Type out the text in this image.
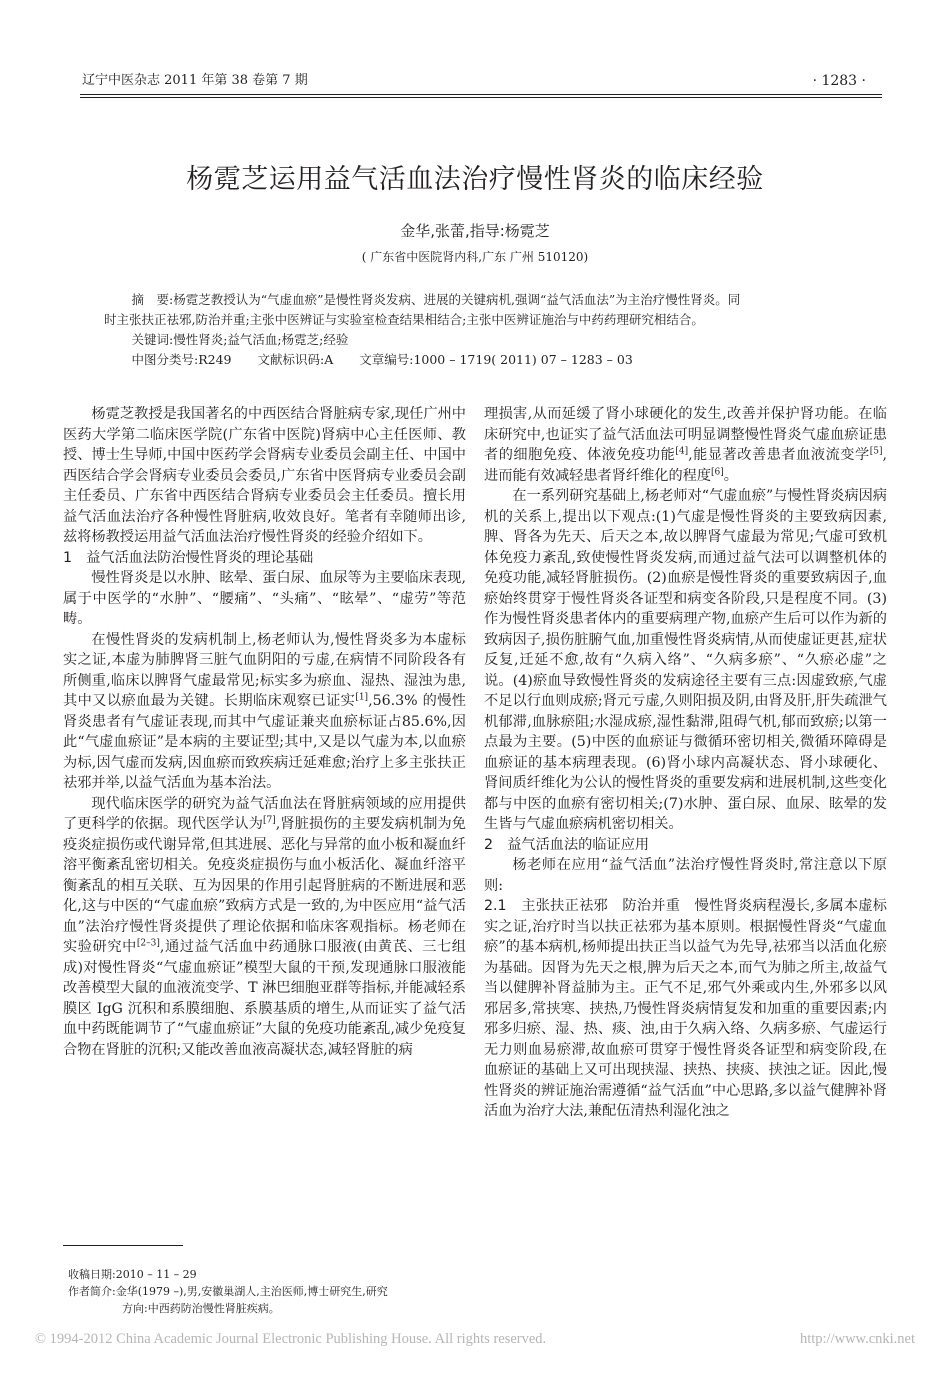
辽宁中医杂志 2011 年第 38 卷第 7 期	· 1283 ·
杨霓芝运用益气活血法治疗慢性肾炎的临床经验
金华,张蕾,指导:杨霓芝
( 广东省中医院肾内科,广东 广州 510120)

摘　要:杨霓芝教授认为“气虚血瘀”是慢性肾炎发病、进展的关键病机,强调“益气活血法”为主治疗慢性肾炎。同

时主张扶正祛邪,防治并重;主张中医辨证与实验室检查结果相结合;主张中医辨证施治与中药药理研究相结合。

关键词:慢性肾炎;益气活血;杨霓芝;经验

中图分类号:R249 文献标识码:A 文章编号:1000 – 1719( 2011) 07 – 1283 – 03

杨霓芝教授是我国著名的中西医结合肾脏病专家,现任广州中医药大学第二临床医学院(广东省中医院)肾病中心主任医师、教授、博士生导师,中国中医药学会肾病专业委员会副主任、中国中西医结合学会肾病专业委员会委员,广东省中医肾病专业委员会副主任委员、广东省中西医结合肾病专业委员会主任委员。擅长用益气活血法治疗各种慢性肾脏病,收效良好。笔者有幸随师出诊,兹将杨教授运用益气活血法治疗慢性肾炎的经验介绍如下。

1　益气活血法防治慢性肾炎的理论基础

慢性肾炎是以水肿、眩晕、蛋白尿、血尿等为主要临床表现,属于中医学的“水肿”、“腰痛”、“头痛”、“眩晕”、“虚劳”等范畴。

在慢性肾炎的发病机制上,杨老师认为,慢性肾炎多为本虚标实之证,本虚为肺脾肾三脏气血阴阳的亏虚,在病情不同阶段各有所侧重,临床以脾肾气虚最常见;标实多为瘀血、湿热、湿浊为患,其中又以瘀血最为关键。长期临床观察已证实[1],56.3% 的慢性肾炎患者有气虚证表现,而其中气虚证兼夹血瘀标证占85.6%,因此“气虚血瘀证”是本病的主要证型;其中,又是以气虚为本,以血瘀为标,因气虚而发病,因血瘀而致疾病迁延难愈;治疗上多主张扶正祛邪并举,以益气活血为基本治法。

现代临床医学的研究为益气活血法在肾脏病领域的应用提供了更科学的依据。现代医学认为[7],肾脏损伤的主要发病机制为免疫炎症损伤或代谢异常,但其进展、恶化与异常的血小板和凝血纤溶平衡紊乱密切相关。免疫炎症损伤与血小板活化、凝血纤溶平衡紊乱的相互关联、互为因果的作用引起肾脏病的不断进展和恶化,这与中医的“气虚血瘀”致病方式是一致的,为中医应用“益气活血”法治疗慢性肾炎提供了理论依据和临床客观指标。杨老师在实验研究中[2–3],通过益气活血中药通脉口服液(由黄芪、三七组成)对慢性肾炎“气虚血瘀证”模型大鼠的干预,发现通脉口服液能改善模型大鼠的血液流变学、T 淋巴细胞亚群等指标,并能减轻系膜区 IgG 沉积和系膜细胞、系膜基质的增生,从而证实了益气活血中药既能调节了“气虚血瘀证”大鼠的免疫功能紊乱,减少免疫复合物在肾脏的沉积;又能改善血液高凝状态,减轻肾脏的病

理损害,从而延缓了肾小球硬化的发生,改善并保护肾功能。在临床研究中,也证实了益气活血法可明显调整慢性肾炎气虚血瘀证患者的细胞免疫、体液免疫功能[4],能显著改善患者血液流变学[5],进而能有效减轻患者肾纤维化的程度[6]。

在一系列研究基础上,杨老师对“气虚血瘀”与慢性肾炎病因病机的关系上,提出以下观点:(1)气虚是慢性肾炎的主要致病因素,脾、肾各为先天、后天之本,故以脾肾气虚最为常见;气虚可致机体免疫力紊乱,致使慢性肾炎发病,而通过益气法可以调整机体的免疫功能,减轻肾脏损伤。(2)血瘀是慢性肾炎的重要致病因子,血瘀始终贯穿于慢性肾炎各证型和病变各阶段,只是程度不同。(3)作为慢性肾炎患者体内的重要病理产物,血瘀产生后可以作为新的致病因子,损伤脏腑气血,加重慢性肾炎病情,从而使虚证更甚,症状反复,迁延不愈,故有“久病入络”、“久病多瘀”、“久瘀必虚”之说。(4)瘀血导致慢性肾炎的发病途径主要有三点:因虚致瘀,气虚不足以行血则成瘀;肾元亏虚,久则阳损及阴,由肾及肝,肝失疏泄气机郁滞,血脉瘀阻;水湿成瘀,湿性黏滞,阻碍气机,郁而致瘀;以第一点最为主要。(5)中医的血瘀证与微循环密切相关,微循环障碍是血瘀证的基本病理表现。(6)肾小球内高凝状态、肾小球硬化、肾间质纤维化为公认的慢性肾炎的重要发病和进展机制,这些变化都与中医的血瘀有密切相关;(7)水肿、蛋白尿、血尿、眩晕的发生皆与气虚血瘀病机密切相关。

2　益气活血法的临证应用

杨老师在应用“益气活血”法治疗慢性肾炎时,常注意以下原则:

2.1　主张扶正祛邪　防治并重　慢性肾炎病程漫长,多属本虚标实之证,治疗时当以扶正祛邪为基本原则。根据慢性肾炎“气虚血瘀”的基本病机,杨师提出扶正当以益气为先导,祛邪当以活血化瘀为基础。因肾为先天之根,脾为后天之本,而气为肺之所主,故益气当以健脾补肾益肺为主。正气不足,邪气外乘或内生,外邪多以风邪居多,常挟寒、挟热,乃慢性肾炎病情复发和加重的重要因素;内邪多归瘀、湿、热、痰、浊,由于久病入络、久病多瘀、气虚运行无力则血易瘀滞,故血瘀可贯穿于慢性肾炎各证型和病变阶段,在血瘀证的基础上又可出现挟湿、挟热、挟痰、挟浊之证。因此,慢性肾炎的辨证施治需遵循“益气活血”中心思路,多以益气健脾补肾活血为治疗大法,兼配伍清热利湿化浊之

收稿日期:2010 – 11 – 29

作者简介:金华(1979 –),男,安徽巢湖人,主治医师,博士研究生,研究

方向:中西药防治慢性肾脏疾病。

© 1994-2012 China Academic Journal Electronic Publishing House. All rights reserved.	http://www.cnki.net
